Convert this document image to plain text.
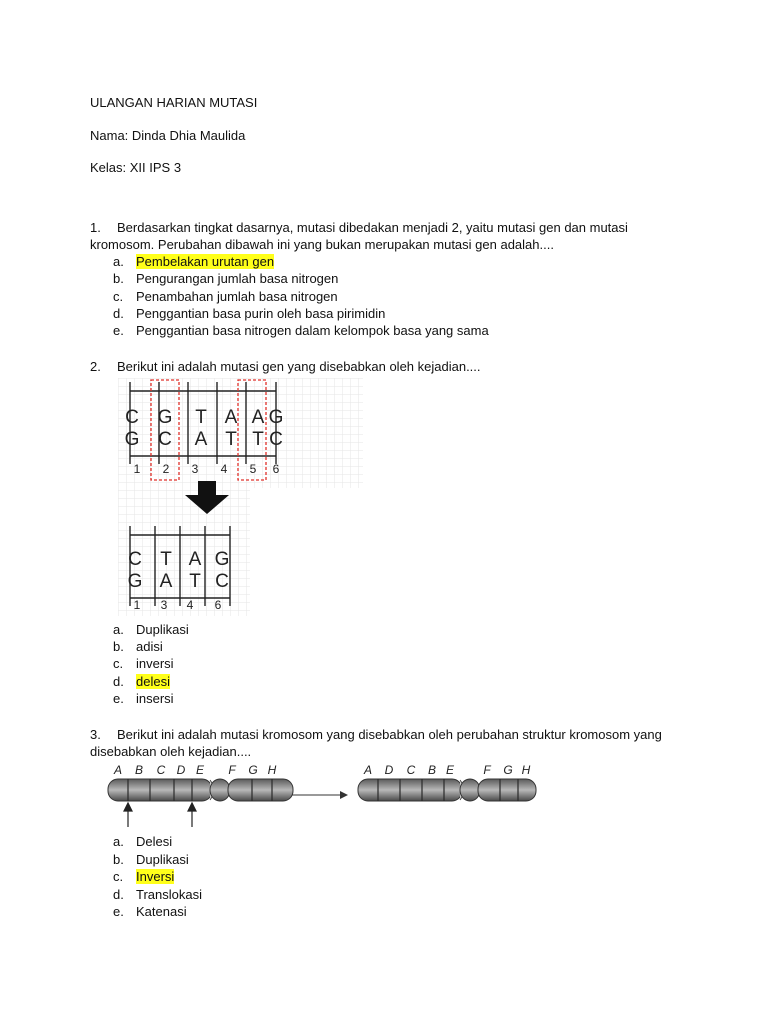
ULANGAN HARIAN MUTASI
Nama: Dinda Dhia Maulida
Kelas: XII IPS 3
1. Berdasarkan tingkat dasarnya, mutasi dibedakan menjadi 2, yaitu mutasi gen dan mutasi
kromosom. Perubahan dibawah ini yang bukan merupakan mutasi gen adalah....
a. Pembelakan urutan gen
b. Pengurangan jumlah basa nitrogen
c. Penambahan jumlah basa nitrogen
d. Penggantian basa purin oleh basa pirimidin
e. Penggantian basa nitrogen dalam kelompok basa yang sama
2. Berikut ini adalah mutasi gen yang disebabkan oleh kejadian....
C G T A A G
G C A T T C
1 2 3 4 5 6
C T A G
G A T C
1 3 4 6
a. Duplikasi
b. adisi
c. inversi
d. delesi
e. insersi
3. Berikut ini adalah mutasi kromosom yang disebabkan oleh perubahan struktur kromosom yang
disebabkan oleh kejadian....
A B C D E F G H	A D C B E F G H
a. Delesi
b. Duplikasi
c. Inversi
d. Translokasi
e. Katenasi
